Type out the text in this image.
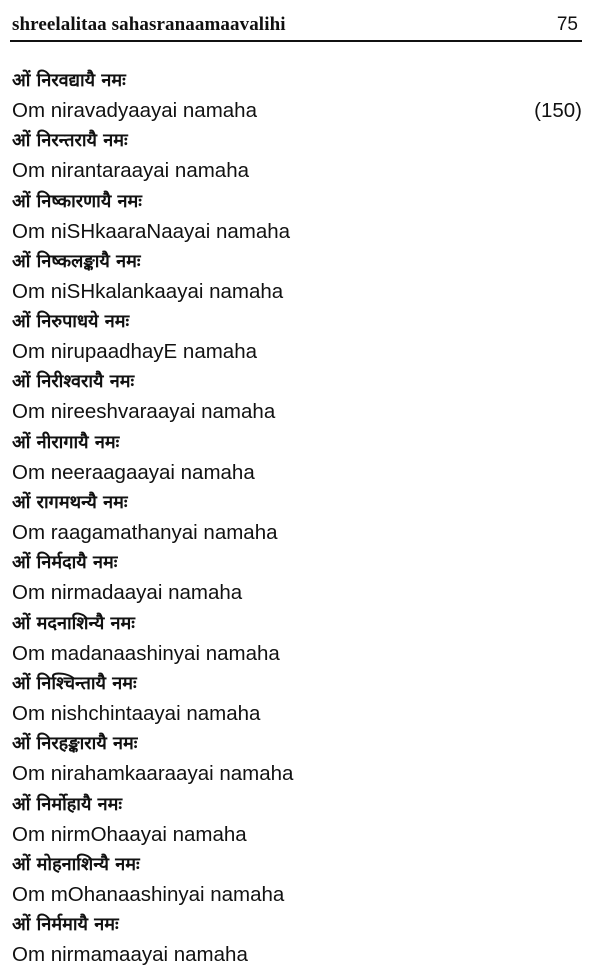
shreelalitaa sahasranaamaavalihi	75
ओं निरवद्यायै नमः
Om niravadyaayai namaha	(150)
ओं निरन्तरायै नमः
Om nirantaraayai namaha
ओं निष्कारणायै नमः
Om niSHkaaraNaayai namaha
ओं निष्कलङ्कायै नमः
Om niSHkalankaayai namaha
ओं निरुपाधये नमः
Om nirupaadhayE namaha
ओं निरीश्वरायै नमः
Om nireeshvaraayai namaha
ओं नीरागायै नमः
Om neeraagaayai namaha
ओं रागमथन्यै नमः
Om raagamathanyai namaha
ओं निर्मदायै नमः
Om nirmadaayai namaha
ओं मदनाशिन्यै नमः
Om madanaashinyai namaha
ओं निश्चिन्तायै नमः
Om nishchintaayai namaha
ओं निरहङ्कारायै नमः
Om nirahamkaaraayai namaha
ओं निर्मोहायै नमः
Om nirmOhaayai namaha
ओं मोहनाशिन्यै नमः
Om mOhanaashinyai namaha
ओं निर्ममायै नमः
Om nirmamaayai namaha
